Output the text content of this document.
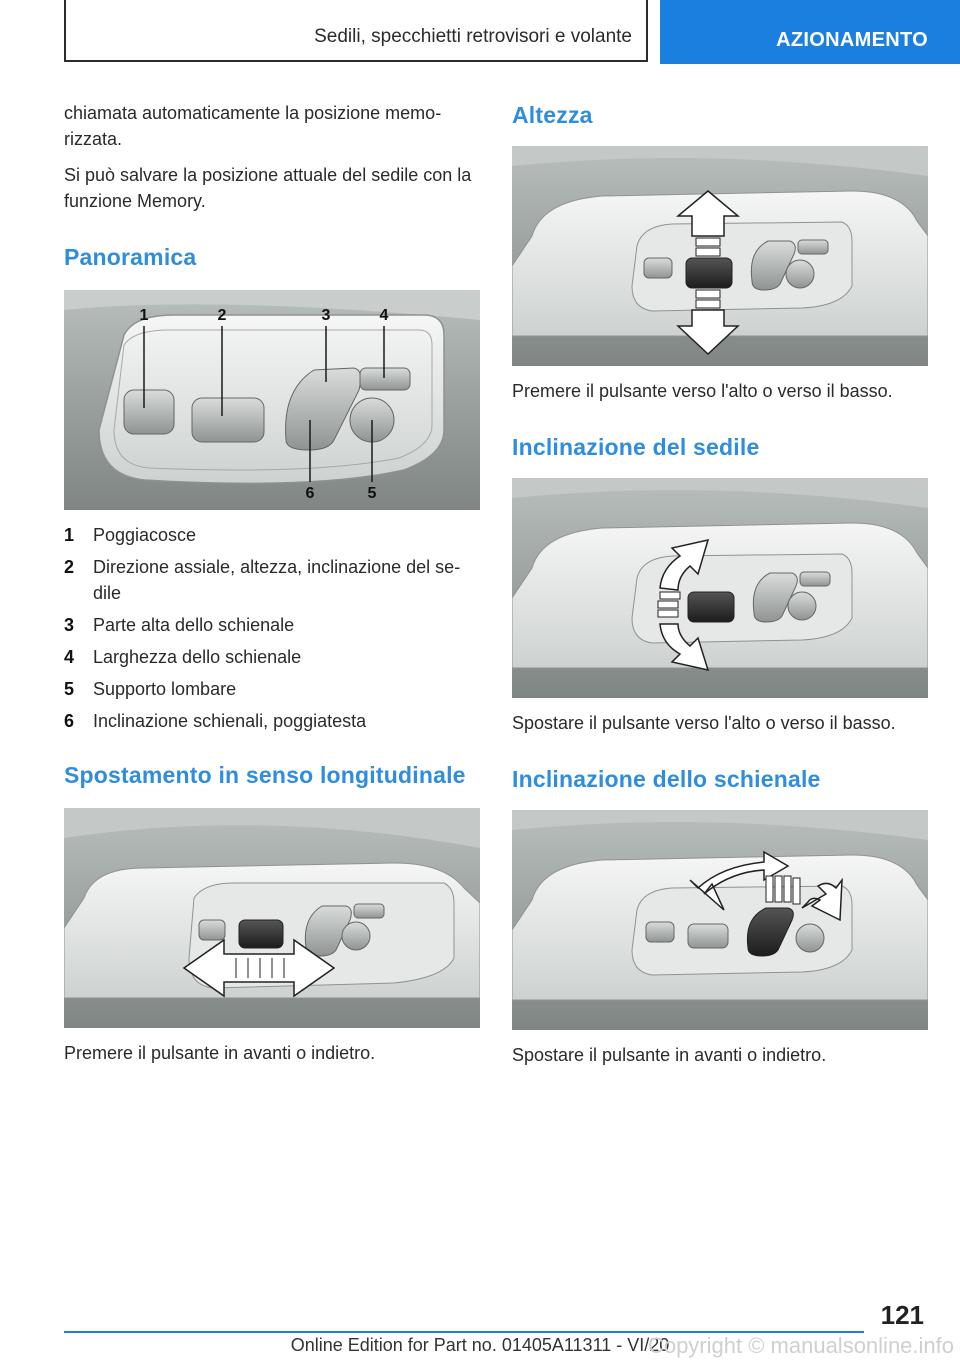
Sedili, specchietti retrovisori e volante	AZIONAMENTO

chiamata automaticamente la posizione memorizzata.

Si può salvare la posizione attuale del sedile con la funzione Memory.

Panoramica
1	2	3	4
6	5
1	Poggiacosce
2	Direzione assiale, altezza, inclinazione del sedile
3	Parte alta dello schienale
4	Larghezza dello schienale
5	Supporto lombare
6	Inclinazione schienali, poggiatesta
Spostamento in senso longitudinale

Premere il pulsante in avanti o indietro.

Altezza

Premere il pulsante verso l'alto o verso il basso.

Inclinazione del sedile

Spostare il pulsante verso l'alto o verso il basso.

Inclinazione dello schienale

Spostare il pulsante in avanti o indietro.

121
Online Edition for Part no. 01405A11311 - VI/20
Copyright © manualsonline.info
